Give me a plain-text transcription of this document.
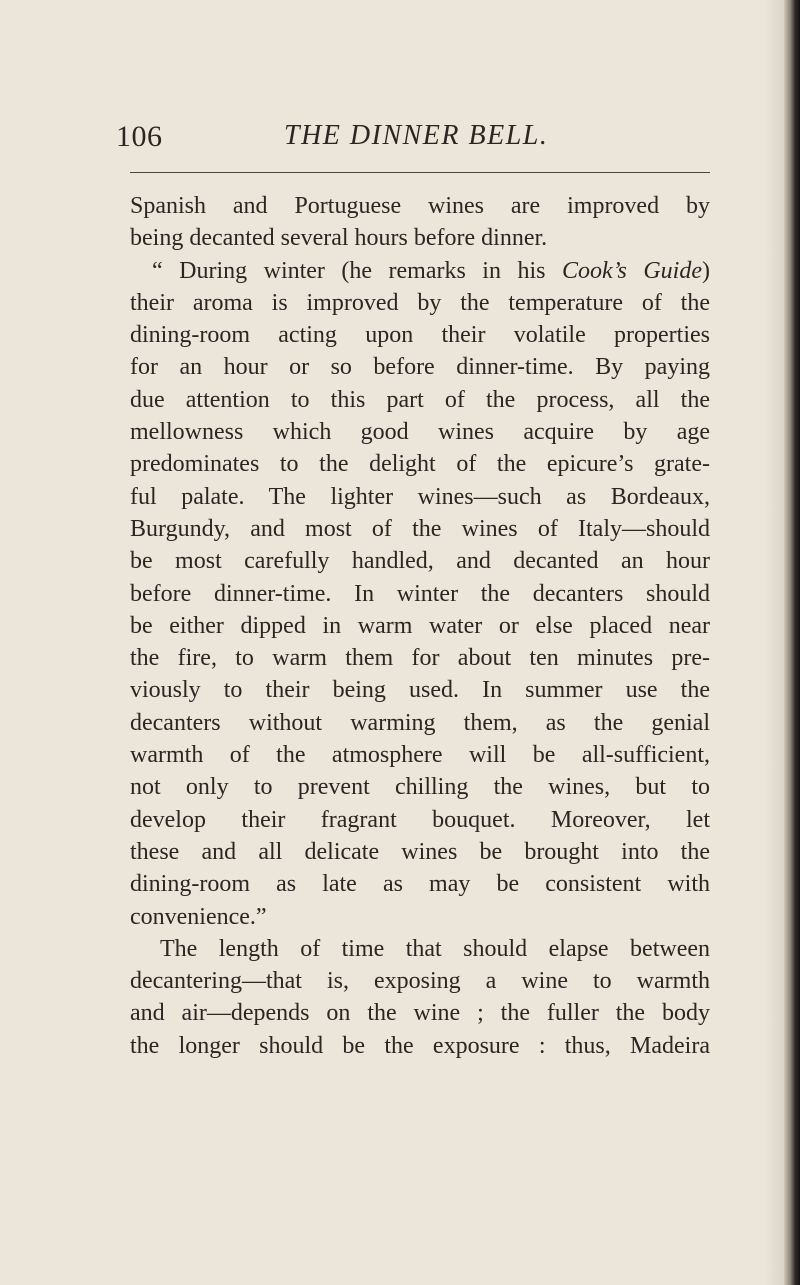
106	THE DINNER BELL.
Spanish and Portuguese wines are improved by
being decanted several hours before dinner.
“ During winter (he remarks in his Cook’s Guide)
their aroma is improved by the temperature of the
dining-room acting upon their volatile properties
for an hour or so before dinner-time. By paying
due attention to this part of the process, all the
mellowness which good wines acquire by age
predominates to the delight of the epicure’s grate-
ful palate. The lighter wines—such as Bordeaux,
Burgundy, and most of the wines of Italy—should
be most carefully handled, and decanted an hour
before dinner-time. In winter the decanters should
be either dipped in warm water or else placed near
the fire, to warm them for about ten minutes pre-
viously to their being used. In summer use the
decanters without warming them, as the genial
warmth of the atmosphere will be all-sufficient,
not only to prevent chilling the wines, but to
develop their fragrant bouquet. Moreover, let
these and all delicate wines be brought into the
dining-room as late as may be consistent with
convenience.”
The length of time that should elapse between
decantering—that is, exposing a wine to warmth
and air—depends on the wine ; the fuller the body
the longer should be the exposure : thus, Madeira
